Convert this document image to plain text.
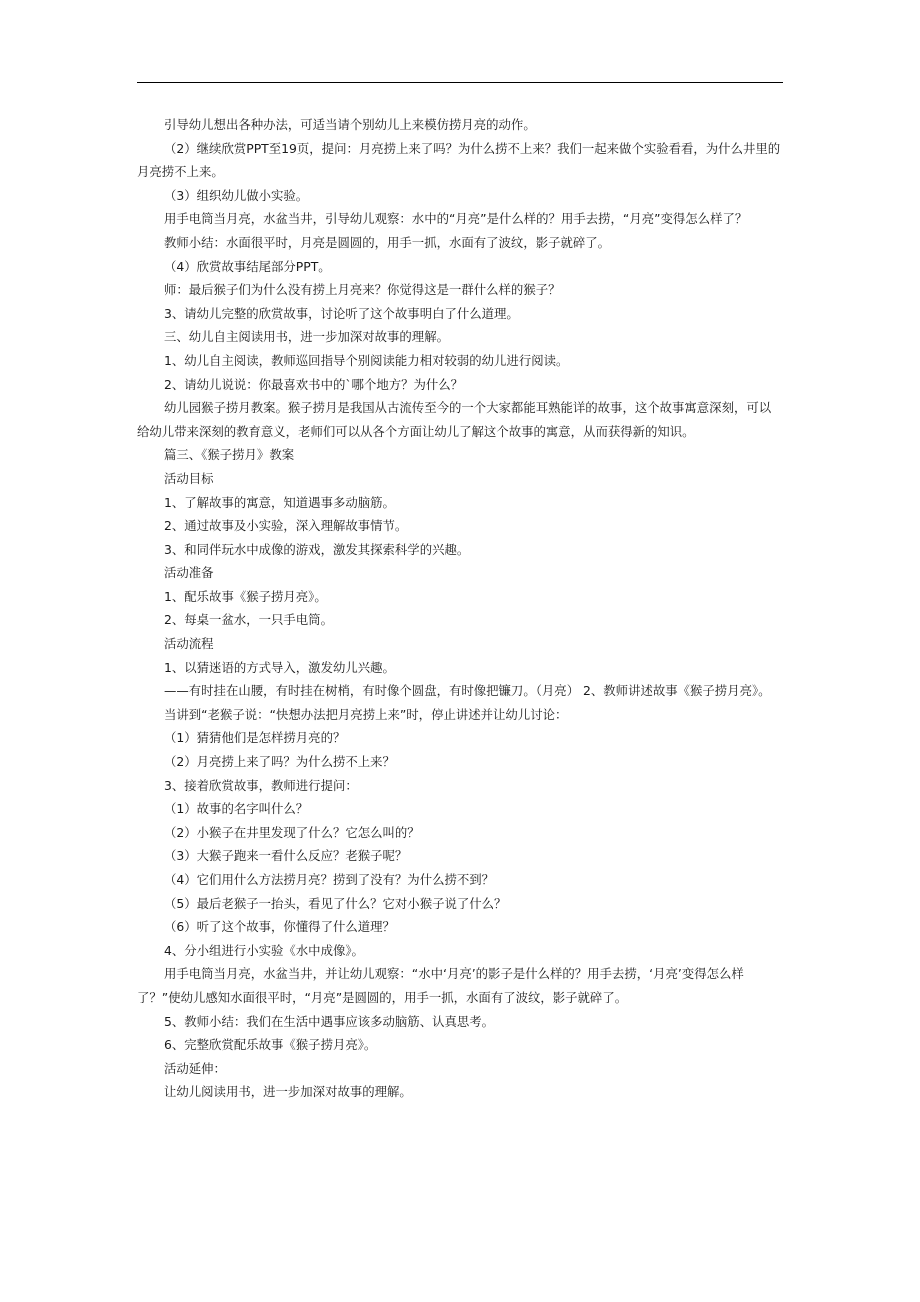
引导幼儿想出各种办法，可适当请个别幼儿上来模仿捞月亮的动作。

（2）继续欣赏PPT至19页，提问：月亮捞上来了吗？为什么捞不上来？我们一起来做个实验看看，为什么井里的月亮捞不上来。

（3）组织幼儿做小实验。

用手电筒当月亮，水盆当井，引导幼儿观察：水中的“月亮”是什么样的？用手去捞，“月亮”变得怎么样了？

教师小结：水面很平时，月亮是圆圆的，用手一抓，水面有了波纹，影子就碎了。

（4）欣赏故事结尾部分PPT。

师：最后猴子们为什么没有捞上月亮来？你觉得这是一群什么样的猴子？

3、请幼儿完整的欣赏故事，讨论听了这个故事明白了什么道理。

三、幼儿自主阅读用书，进一步加深对故事的理解。

1、幼儿自主阅读，教师巡回指导个别阅读能力相对较弱的幼儿进行阅读。

2、请幼儿说说：你最喜欢书中的`哪个地方？为什么？

幼儿园猴子捞月教案。猴子捞月是我国从古流传至今的一个大家都能耳熟能详的故事，这个故事寓意深刻，可以给幼儿带来深刻的教育意义，老师们可以从各个方面让幼儿了解这个故事的寓意，从而获得新的知识。

篇三、《猴子捞月》教案

活动目标

1、了解故事的寓意，知道遇事多动脑筋。

2、通过故事及小实验，深入理解故事情节。

3、和同伴玩水中成像的游戏，激发其探索科学的兴趣。

活动准备

1、配乐故事《猴子捞月亮》。

2、每桌一盆水，一只手电筒。

活动流程

1、以猜迷语的方式导入，激发幼儿兴趣。

——有时挂在山腰，有时挂在树梢，有时像个圆盘，有时像把镰刀。（月亮） 2、教师讲述故事《猴子捞月亮》。

当讲到“老猴子说：“快想办法把月亮捞上来”时，停止讲述并让幼儿讨论：

（1）猜猜他们是怎样捞月亮的？

（2）月亮捞上来了吗？为什么捞不上来？

3、接着欣赏故事，教师进行提问：

（1）故事的名字叫什么？

（2）小猴子在井里发现了什么？它怎么叫的？

（3）大猴子跑来一看什么反应？老猴子呢？

（4）它们用什么方法捞月亮？捞到了没有？为什么捞不到？

（5）最后老猴子一抬头，看见了什么？它对小猴子说了什么？

（6）听了这个故事，你懂得了什么道理？

4、分小组进行小实验《水中成像》。

用手电筒当月亮，水盆当井，并让幼儿观察：“水中‘月亮’的影子是什么样的？用手去捞，‘月亮’变得怎么样了？”使幼儿感知水面很平时，“月亮”是圆圆的，用手一抓，水面有了波纹，影子就碎了。

5、教师小结：我们在生活中遇事应该多动脑筋、认真思考。

6、完整欣赏配乐故事《猴子捞月亮》。

活动延伸：

让幼儿阅读用书，进一步加深对故事的理解。
